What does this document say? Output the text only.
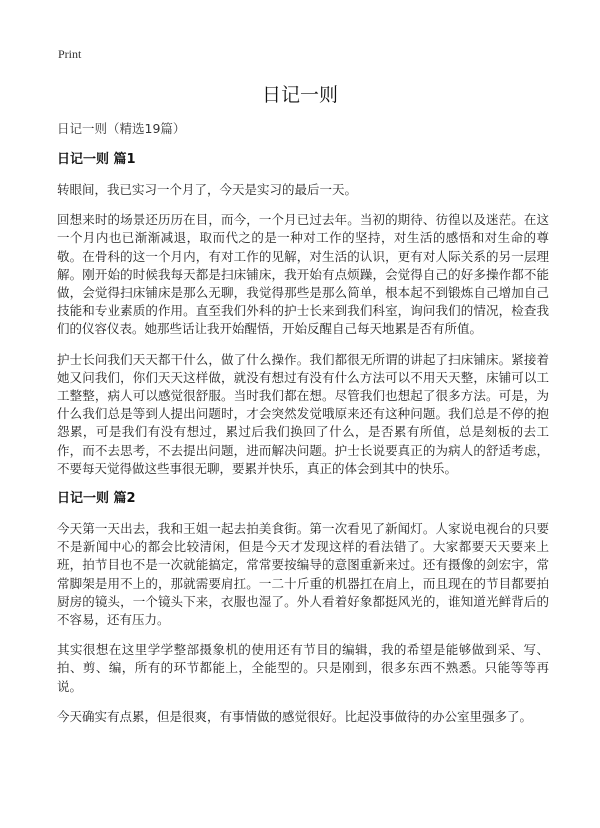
Print
日记一则

日记一则（精选19篇）

日记一则 篇1

转眼间，我已实习一个月了，今天是实习的最后一天。

回想来时的场景还历历在目，而今，一个月已过去年。当初的期待、彷徨以及迷茫。在这一个月内也已渐渐减退，取而代之的是一种对工作的坚持，对生活的感悟和对生命的尊敬。在骨科的这一个月内，有对工作的见解，对生活的认识，更有对人际关系的另一层理解。刚开始的时候我每天都是扫床铺床，我开始有点烦躁，会觉得自己的好多操作都不能做，会觉得扫床铺床是那么无聊，我觉得那些是那么简单，根本起不到锻炼自己增加自己技能和专业素质的作用。直至我们外科的护士长来到我们科室，询问我们的情况，检查我们的仪容仪表。她那些话让我开始醒悟，开始反醒自己每天地累是否有所值。

护士长问我们天天都干什么，做了什么操作。我们都很无所谓的讲起了扫床铺床。紧接着她又问我们，你们天天这样做，就没有想过有没有什么方法可以不用天天整，床铺可以工工整整，病人可以感觉很舒服。当时我们都在想。尽管我们也想起了很多方法。可是，为什么我们总是等到人提出问题时，才会突然发觉哦原来还有这种问题。我们总是不停的抱怨累，可是我们有没有想过，累过后我们换回了什么，是否累有所值，总是刻板的去工作，而不去思考，不去提出问题，进而解决问题。护士长说要真正的为病人的舒适考虑，不要每天觉得做这些事很无聊，要累并快乐，真正的体会到其中的快乐。

日记一则 篇2

今天第一天出去，我和王姐一起去拍美食街。第一次看见了新闻灯。人家说电视台的只要不是新闻中心的都会比较清闲，但是今天才发现这样的看法错了。大家都要天天要来上班，拍节目也不是一次就能搞定，常常要按编导的意图重新来过。还有摄像的剑宏宇，常常脚架是用不上的，那就需要肩扛。一二十斤重的机器扛在肩上，而且现在的节目都要拍厨房的镜头，一个镜头下来，衣服也湿了。外人看着好象都挺风光的，谁知道光鲜背后的不容易，还有压力。

其实很想在这里学学整部摄象机的使用还有节目的编辑，我的希望是能够做到采、写、拍、剪、编，所有的环节都能上，全能型的。只是刚到，很多东西不熟悉。只能等等再说。

今天确实有点累，但是很爽，有事情做的感觉很好。比起没事做待的办公室里强多了。
